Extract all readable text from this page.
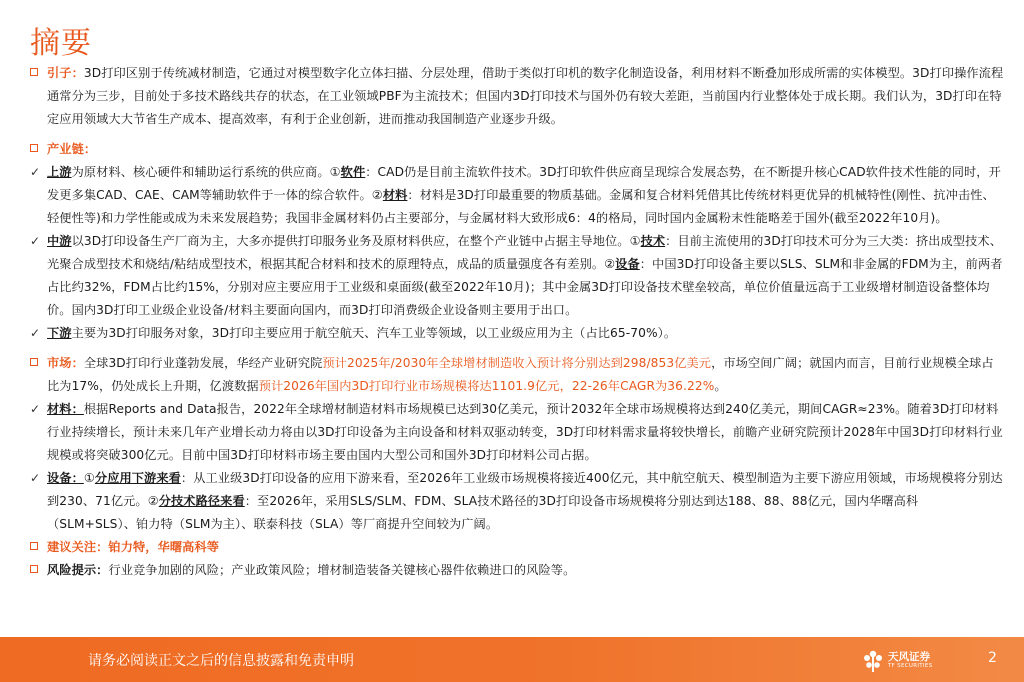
摘要
引子：3D打印区别于传统减材制造，它通过对模型数字化立体扫描、分层处理，借助于类似打印机的数字化制造设备，利用材料不断叠加形成所需的实体模型。3D打印操作流程通常分为三步，目前处于多技术路线共存的状态，在工业领域PBF为主流技术；但国内3D打印技术与国外仍有较大差距，当前国内行业整体处于成长期。我们认为，3D打印在特定应用领域大大节省生产成本、提高效率，有利于企业创新，进而推动我国制造产业逐步升级。
产业链：
✓ 上游为原材料、核心硬件和辅助运行系统的供应商。①软件：CAD仍是目前主流软件技术。3D打印软件供应商呈现综合发展态势，在不断提升核心CAD软件技术性能的同时，开发更多集CAD、CAE、CAM等辅助软件于一体的综合软件。②材料：材料是3D打印最重要的物质基础。金属和复合材料凭借其比传统材料更优异的机械特性(刚性、抗冲击性、轻便性等)和力学性能或成为未来发展趋势；我国非金属材料仍占主要部分，与金属材料大致形成6：4的格局，同时国内金属粉末性能略差于国外(截至2022年10月)。
✓ 中游以3D打印设备生产厂商为主，大多亦提供打印服务业务及原材料供应，在整个产业链中占据主导地位。①技术：目前主流使用的3D打印技术可分为三大类：挤出成型技术、光聚合成型技术和烧结/粘结成型技术，根据其配合材料和技术的原理特点，成品的质量强度各有差别。②设备：中国3D打印设备主要以SLS、SLM和非金属的FDM为主，前两者占比约32%，FDM占比约15%，分别对应主要应用于工业级和桌面级(截至2022年10月)；其中金属3D打印设备技术壁垒较高，单位价值量远高于工业级增材制造设备整体均价。国内3D打印工业级企业设备/材料主要面向国内，而3D打印消费级企业设备则主要用于出口。
✓ 下游主要为3D打印服务对象，3D打印主要应用于航空航天、汽车工业等领域，以工业级应用为主（占比65-70%）。
市场：全球3D打印行业蓬勃发展，华经产业研究院预计2025年/2030年全球增材制造收入预计将分别达到298/853亿美元，市场空间广阔；就国内而言，目前行业规模全球占比为17%，仍处成长上升期，亿渡数据预计2026年国内3D打印行业市场规模将达1101.9亿元，22-26年CAGR为36.22%。
✓ 材料：根据Reports and Data报告，2022年全球增材制造材料市场规模已达到30亿美元，预计2032年全球市场规模将达到240亿美元，期间CAGR≈23%。随着3D打印材料行业持续增长，预计未来几年产业增长动力将由以3D打印设备为主向设备和材料双驱动转变，3D打印材料需求量将较快增长，前瞻产业研究院预计2028年中国3D打印材料行业规模或将突破300亿元。目前中国3D打印材料市场主要由国内大型公司和国外3D打印材料公司占据。
✓ 设备：①分应用下游来看：从工业级3D打印设备的应用下游来看，至2026年工业级市场规模将接近400亿元，其中航空航天、模型制造为主要下游应用领域，市场规模将分别达到230、71亿元。②分技术路径来看：至2026年，采用SLS/SLM、FDM、SLA技术路径的3D打印设备市场规模将分别达到达188、88、88亿元，国内华曙高科（SLM+SLS）、铂力特（SLM为主）、联泰科技（SLA）等厂商提升空间较为广阔。
建议关注：铂力特，华曙高科等
风险提示：行业竞争加剧的风险；产业政策风险；增材制造装备关键核心器件依赖进口的风险等。
请务必阅读正文之后的信息披露和免责申明	天风证券
TF SECURITIES	2
